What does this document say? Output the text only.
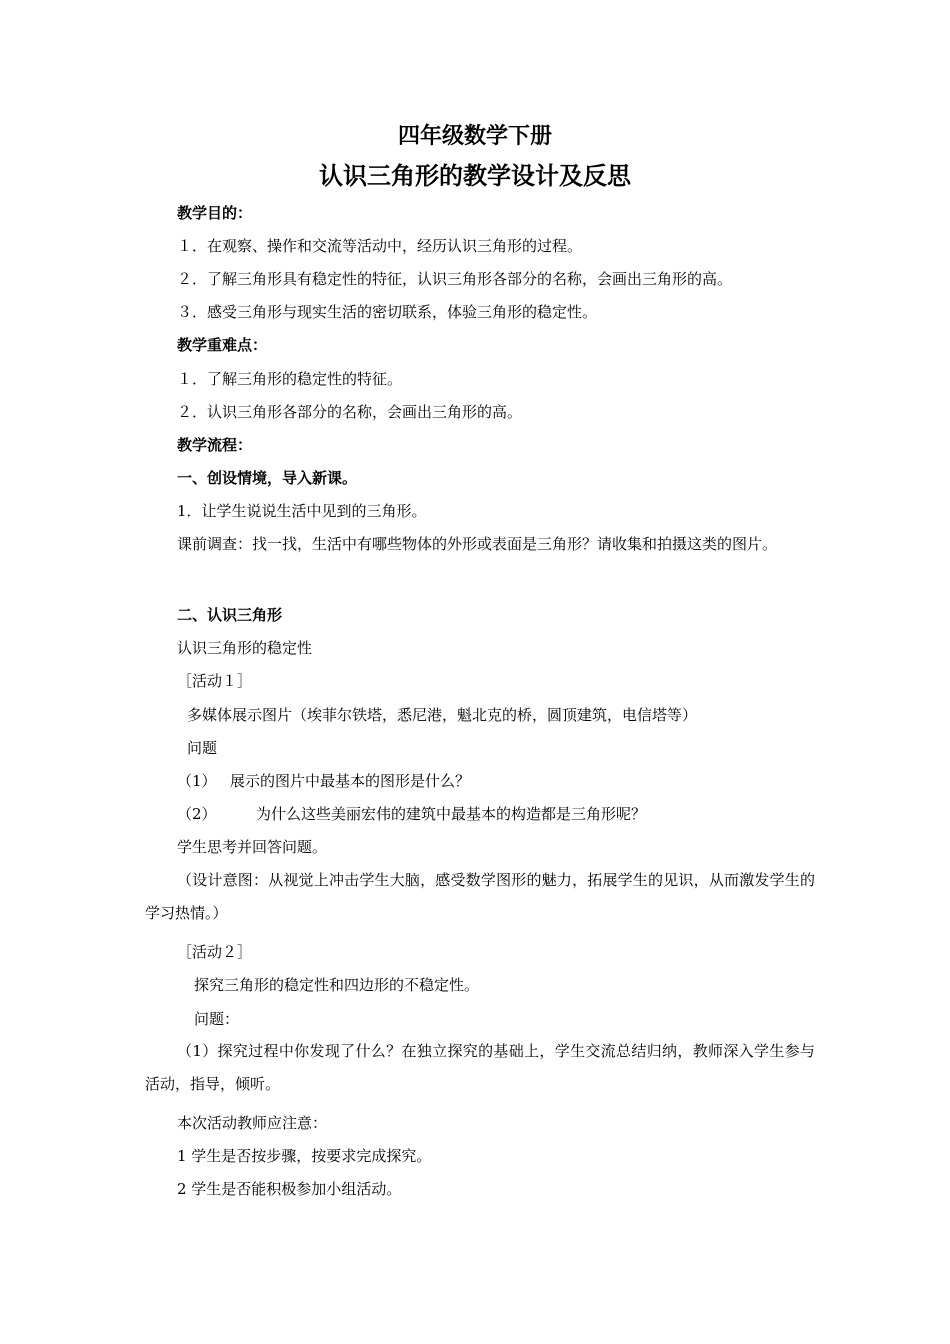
四年级数学下册
认识三角形的教学设计及反思
教学目的：
１．在观察、操作和交流等活动中，经历认识三角形的过程。
２．了解三角形具有稳定性的特征，认识三角形各部分的名称，会画出三角形的高。
３．感受三角形与现实生活的密切联系，体验三角形的稳定性。
教学重难点：
１．了解三角形的稳定性的特征。
２．认识三角形各部分的名称，会画出三角形的高。
教学流程：
一、创设情境，导入新课。
1．让学生说说生活中见到的三角形。
课前调查：找一找，生活中有哪些物体的外形或表面是三角形？请收集和拍摄这类的图片。
二、认识三角形
认识三角形的稳定性
［活动１］
多媒体展示图片（埃菲尔铁塔，悉尼港，魁北克的桥，圆顶建筑，电信塔等）
问题
（1） 展示的图片中最基本的图形是什么？
（2）	为什么这些美丽宏伟的建筑中最基本的构造都是三角形呢？
学生思考并回答问题。
（设计意图：从视觉上冲击学生大脑，感受数学图形的魅力，拓展学生的见识，从而激发学生的学习热情。）
［活动２］
探究三角形的稳定性和四边形的不稳定性。
问题：
（1）探究过程中你发现了什么？在独立探究的基础上，学生交流总结归纳，教师深入学生参与活动，指导，倾听。
本次活动教师应注意：
1 学生是否按步骤，按要求完成探究。
2 学生是否能积极参加小组活动。
